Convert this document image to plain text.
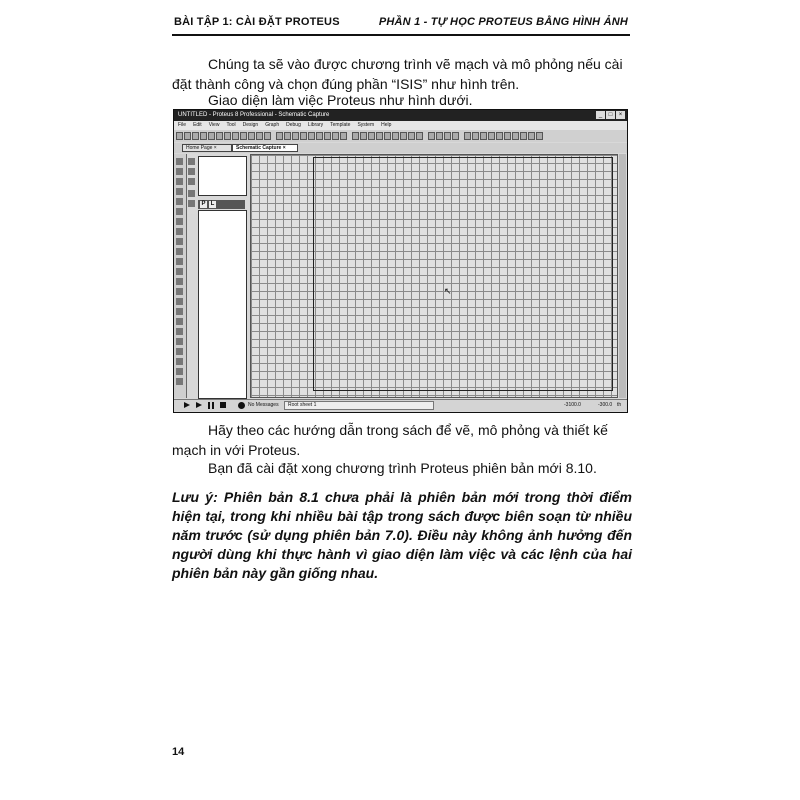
BÀI TẬP 1: CÀI ĐẶT PROTEUS	PHẦN 1 - TỰ HỌC PROTEUS BẰNG HÌNH ẢNH
Chúng ta sẽ vào được chương trình vẽ mạch và mô phỏng nếu cài đặt thành công và chọn đúng phần “ISIS” như hình trên.
Giao diện làm việc Proteus như hình dưới.
UNTITLED - Proteus 8 Professional - Schematic Capture	_	□	×
File Edit View Tool Design Graph Debug Library Template System Help
Home Page ×	Schematic Capture ×
P L
↖
No Messages Root sheet 1	-3100.0	-300.0 th
Hãy theo các hướng dẫn trong sách để vẽ, mô phỏng và thiết kế mạch in với Proteus.
Bạn đã cài đặt xong chương trình Proteus phiên bản mới 8.10.
Lưu ý: Phiên bản 8.1 chưa phải là phiên bản mới trong thời điểm hiện tại, trong khi nhiều bài tập trong sách được biên soạn từ nhiều năm trước (sử dụng phiên bản 7.0). Điều này không ảnh hưởng đến người dùng khi thực hành vì giao diện làm việc và các lệnh của hai phiên bản này gần giống nhau.
14
